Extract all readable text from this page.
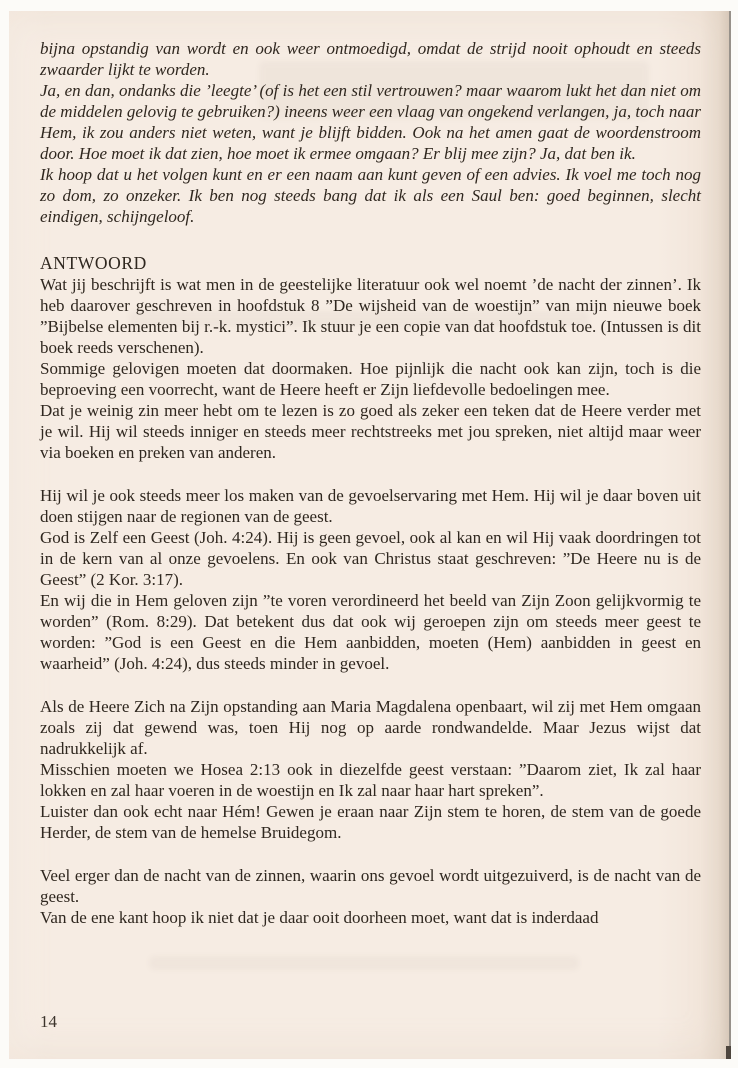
bijna opstandig van wordt en ook weer ontmoedigd, omdat de strijd nooit ophoudt en steeds zwaarder lijkt te worden.

Ja, en dan, ondanks die ’leegte’ (of is het een stil vertrouwen? maar waarom lukt het dan niet om de middelen gelovig te gebruiken?) ineens weer een vlaag van ongekend verlangen, ja, toch naar Hem, ik zou anders niet weten, want je blijft bidden. Ook na het amen gaat de woordenstroom door. Hoe moet ik dat zien, hoe moet ik ermee omgaan? Er blij mee zijn? Ja, dat ben ik.

Ik hoop dat u het volgen kunt en er een naam aan kunt geven of een advies. Ik voel me toch nog zo dom, zo onzeker. Ik ben nog steeds bang dat ik als een Saul ben: goed beginnen, slecht eindigen, schijngeloof.

ANTWOORD

Wat jij beschrijft is wat men in de geestelijke literatuur ook wel noemt ’de nacht der zinnen’. Ik heb daarover geschreven in hoofdstuk 8 ”De wijsheid van de woestijn” van mijn nieuwe boek ”Bijbelse elementen bij r.-k. mystici”. Ik stuur je een copie van dat hoofdstuk toe. (Intussen is dit boek reeds verschenen).

Sommige gelovigen moeten dat doormaken. Hoe pijnlijk die nacht ook kan zijn, toch is die beproeving een voorrecht, want de Heere heeft er Zijn liefdevolle bedoelingen mee.

Dat je weinig zin meer hebt om te lezen is zo goed als zeker een teken dat de Heere verder met je wil. Hij wil steeds inniger en steeds meer rechtstreeks met jou spreken, niet altijd maar weer via boeken en preken van anderen.

Hij wil je ook steeds meer los maken van de gevoelservaring met Hem. Hij wil je daar boven uit doen stijgen naar de regionen van de geest.

God is Zelf een Geest (Joh. 4:24). Hij is geen gevoel, ook al kan en wil Hij vaak doordringen tot in de kern van al onze gevoelens. En ook van Christus staat geschreven: ”De Heere nu is de Geest” (2 Kor. 3:17).

En wij die in Hem geloven zijn ”te voren verordineerd het beeld van Zijn Zoon gelijkvormig te worden” (Rom. 8:29). Dat betekent dus dat ook wij geroepen zijn om steeds meer geest te worden: ”God is een Geest en die Hem aanbidden, moeten (Hem) aanbidden in geest en waarheid” (Joh. 4:24), dus steeds minder in gevoel.

Als de Heere Zich na Zijn opstanding aan Maria Magdalena openbaart, wil zij met Hem omgaan zoals zij dat gewend was, toen Hij nog op aarde rondwandelde. Maar Jezus wijst dat nadrukkelijk af.

Misschien moeten we Hosea 2:13 ook in diezelfde geest verstaan: ”Daarom ziet, Ik zal haar lokken en zal haar voeren in de woestijn en Ik zal naar haar hart spreken”.

Luister dan ook echt naar Hém! Gewen je eraan naar Zijn stem te horen, de stem van de goede Herder, de stem van de hemelse Bruidegom.

Veel erger dan de nacht van de zinnen, waarin ons gevoel wordt uitgezuiverd, is de nacht van de geest.

Van de ene kant hoop ik niet dat je daar ooit doorheen moet, want dat is inderdaad

14
